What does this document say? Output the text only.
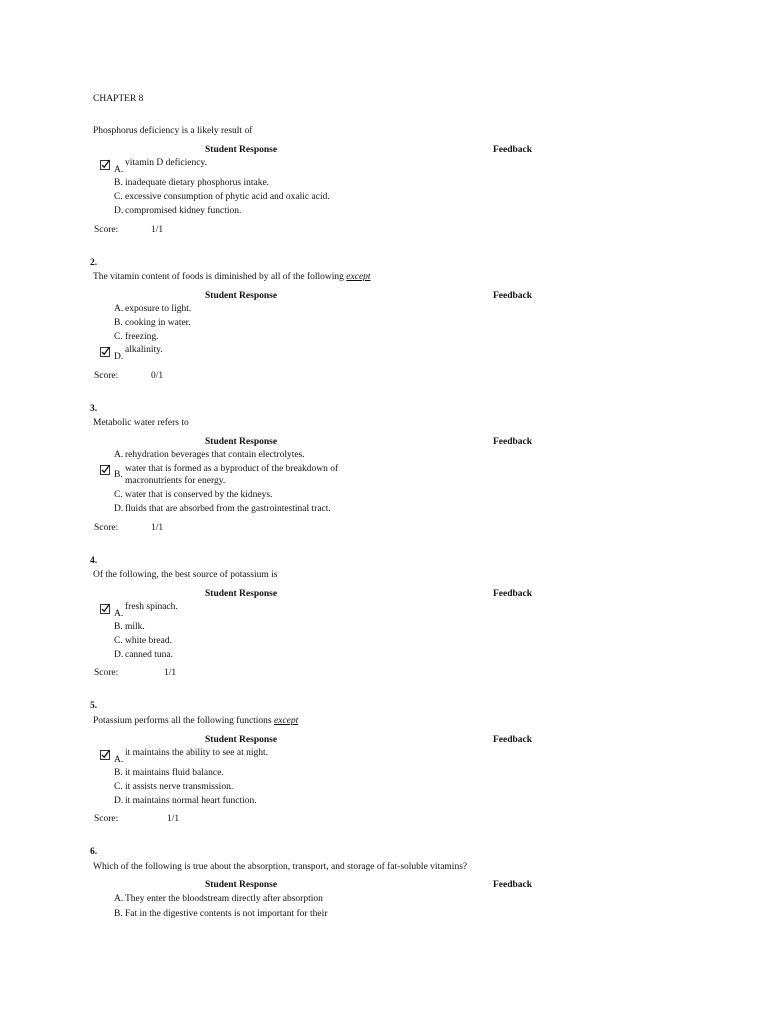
CHAPTER 8
Phosphorus deficiency is a likely result of
Student Response	Feedback
A.
vitamin D deficiency.
B. inadequate dietary phosphorus intake.
C. excessive consumption of phytic acid and oxalic acid.
D. compromised kidney function.
Score:	1/1
2.
The vitamin content of foods is diminished by all of the following except
Student Response	Feedback
A. exposure to light.
B. cooking in water.
C. freezing.
D.
alkalinity.
Score:	0/1
3.
Metabolic water refers to
Student Response	Feedback
A. rehydration beverages that contain electrolytes.
B.
water that is formed as a byproduct of the breakdown of
macronutrients for energy.
C. water that is conserved by the kidneys.
D. fluids that are absorbed from the gastrointestinal tract.
Score:	1/1
4.
Of the following, the best source of potassium is
Student Response	Feedback
A.
fresh spinach.
B. milk.
C. white bread.
D. canned tuna.
Score:	1/1
5.
Potassium performs all the following functions except
Student Response	Feedback
A.
it maintains the ability to see at night.
B. it maintains fluid balance.
C. it assists nerve transmission.
D. it maintains normal heart function.
Score:	1/1
6.
Which of the following is true about the absorption, transport, and storage of fat-soluble vitamins?
Student Response	Feedback
A. They enter the bloodstream directly after absorption
B. Fat in the digestive contents is not important for their
